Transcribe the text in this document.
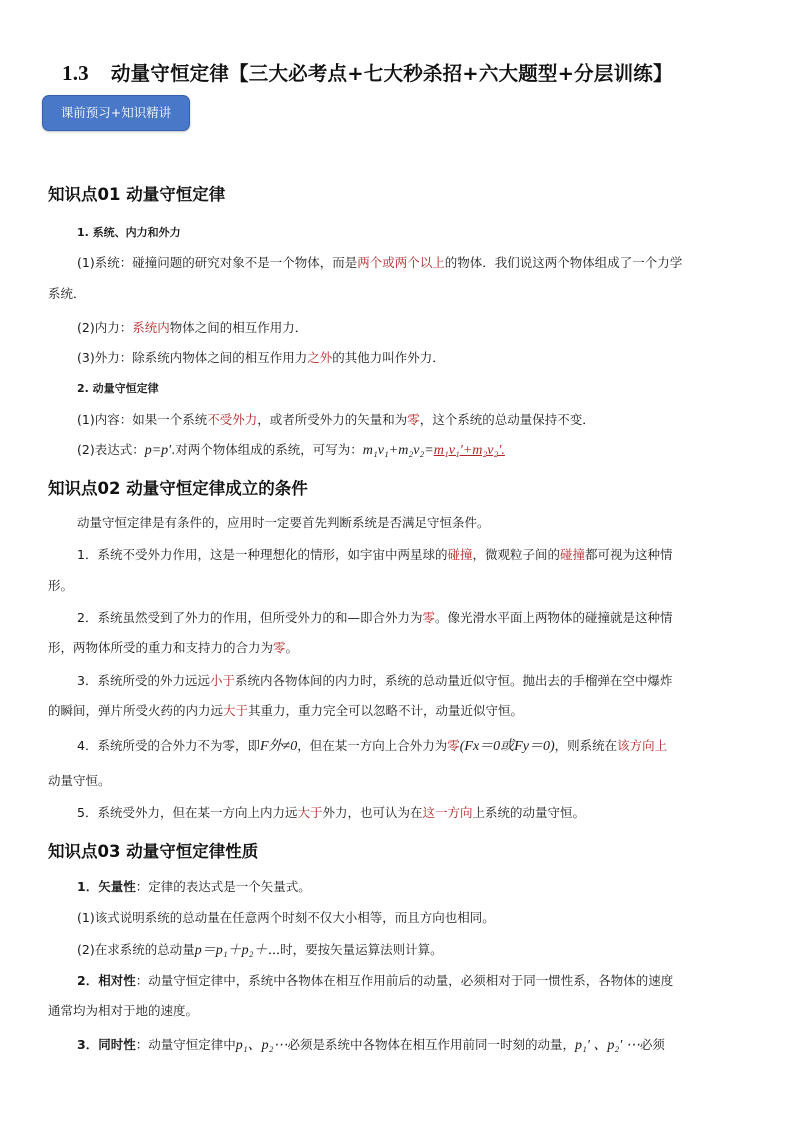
1.3 动量守恒定律【三大必考点+七大秒杀招+六大题型+分层训练】
课前预习+知识精讲
知识点01 动量守恒定律
1. 系统、内力和外力
(1)系统：碰撞问题的研究对象不是一个物体，而是两个或两个以上的物体．我们说这两个物体组成了一个力学
系统．
(2)内力：系统内物体之间的相互作用力．
(3)外力：除系统内物体之间的相互作用力之外的其他力叫作外力．
2. 动量守恒定律
(1)内容：如果一个系统不受外力，或者所受外力的矢量和为零，这个系统的总动量保持不变．
(2)表达式：p=p′.对两个物体组成的系统，可写为：m₁v₁+m₂v₂=m₁v₁′+m₂v₂′.
知识点02 动量守恒定律成立的条件
动量守恒定律是有条件的，应用时一定要首先判断系统是否满足守恒条件。
1．系统不受外力作用，这是一种理想化的情形，如宇宙中两星球的碰撞，微观粒子间的碰撞都可视为这种情
形。
2．系统虽然受到了外力的作用，但所受外力的和—即合外力为零。像光滑水平面上两物体的碰撞就是这种情
形，两物体所受的重力和支持力的合力为零。
3．系统所受的外力远远小于系统内各物体间的内力时，系统的总动量近似守恒。抛出去的手榴弹在空中爆炸
的瞬间，弹片所受火药的内力远大于其重力，重力完全可以忽略不计，动量近似守恒。
4．系统所受的合外力不为零，即F外≠0，但在某一方向上合外力为零(Fx＝0或Fy＝0)，则系统在该方向上
动量守恒。
5．系统受外力，但在某一方向上内力远大于外力，也可认为在这一方向上系统的动量守恒。
知识点03 动量守恒定律性质
1．矢量性：定律的表达式是一个矢量式。
(1)该式说明系统的总动量在任意两个时刻不仅大小相等，而且方向也相同。
(2)在求系统的总动量p＝p₁＋p₂＋⋯时，要按矢量运算法则计算。
2．相对性：动量守恒定律中，系统中各物体在相互作用前后的动量，必须相对于同一惯性系，各物体的速度
通常均为相对于地的速度。
3．同时性：动量守恒定律中p₁、p₂⋯必须是系统中各物体在相互作用前同一时刻的动量，p₁′ 、p₂′ ⋯必须
